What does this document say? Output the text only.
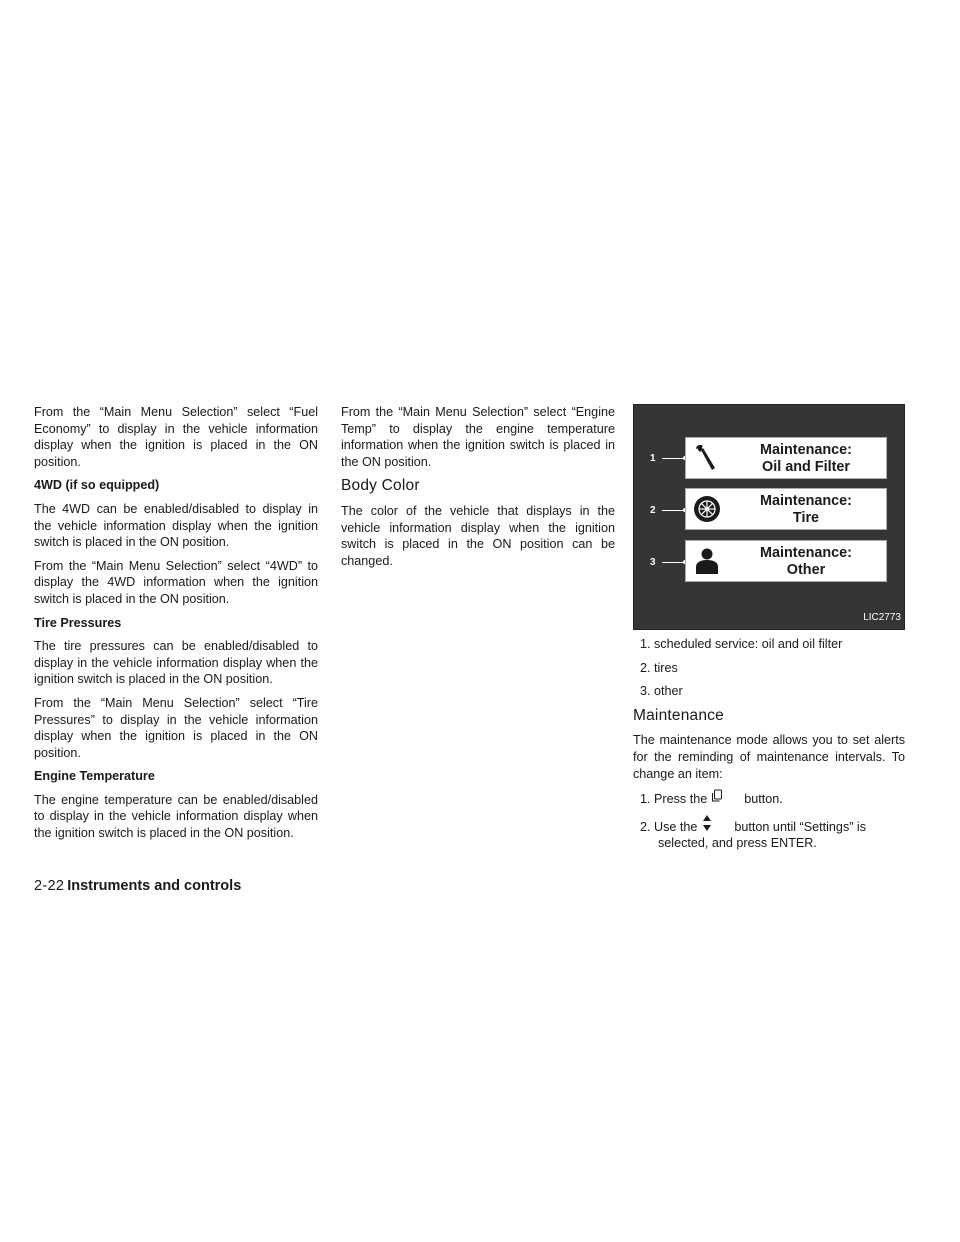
From the “Main Menu Selection” select “Fuel Economy” to display in the vehicle information display when the ignition is placed in the ON position.

4WD (if so equipped)

The 4WD can be enabled/disabled to display in the vehicle information display when the ignition switch is placed in the ON position.

From the “Main Menu Selection” select “4WD” to display the 4WD information when the ignition switch is placed in the ON position.

Tire Pressures

The tire pressures can be enabled/disabled to display in the vehicle information display when the ignition switch is placed in the ON position.

From the “Main Menu Selection” select “Tire Pressures” to display in the vehicle information display when the ignition is placed in the ON position.

Engine Temperature

The engine temperature can be enabled/disabled to display in the vehicle information display when the ignition switch is placed in the ON position.

From the “Main Menu Selection” select “Engine Temp” to display the engine temperature information when the ignition switch is placed in the ON position.

Body Color

The color of the vehicle that displays in the vehicle information display when the ignition switch is placed in the ON position can be changed.

1
Maintenance:
Oil and Filter
2
Maintenance:
Tire
3
Maintenance:
Other
LIC2773

1. scheduled service: oil and oil filter

2. tires

3. other

Maintenance

The maintenance mode allows you to set alerts for the reminding of maintenance intervals. To change an item:

1. Press the	button.
2. Use the	button until “Settings” is selected, and press ENTER.
2-22 Instruments and controls
